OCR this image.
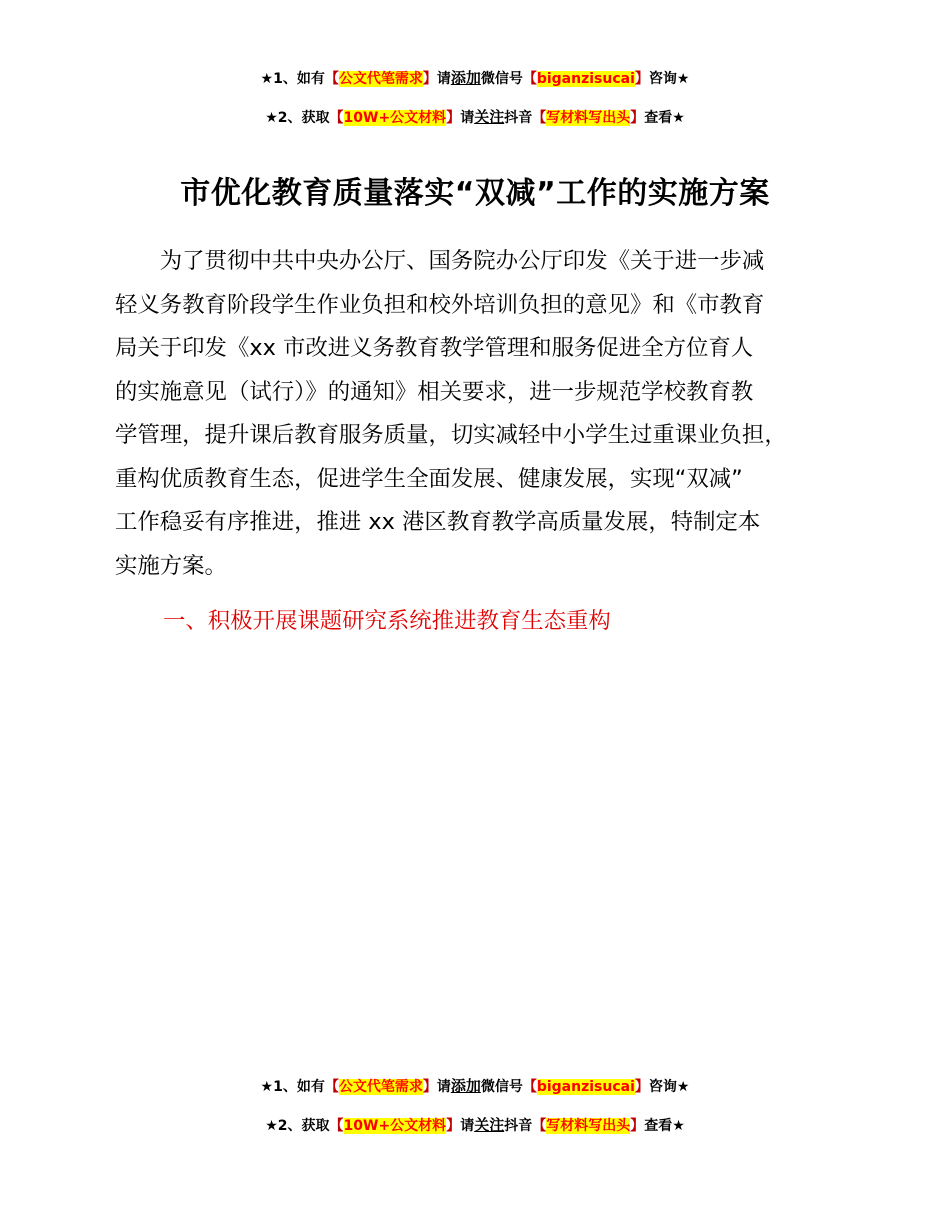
★1、如有【公文代笔需求】请添加微信号【biganzisucai】咨询★
★2、获取【10W+公文材料】请关注抖音【写材料写出头】查看★
市优化教育质量落实“双减”工作的实施方案
　　为了贯彻中共中央办公厅、国务院办公厅印发《关于进一步减
轻义务教育阶段学生作业负担和校外培训负担的意见》和《市教育
局关于印发《xx 市改进义务教育教学管理和服务促进全方位育人
的实施意见（试行）》的通知》相关要求，进一步规范学校教育教
学管理，提升课后教育服务质量，切实减轻中小学生过重课业负担，
重构优质教育生态，促进学生全面发展、健康发展，实现“双减”
工作稳妥有序推进，推进 xx 港区教育教学高质量发展，特制定本
实施方案。
一、积极开展课题研究系统推进教育生态重构
★1、如有【公文代笔需求】请添加微信号【biganzisucai】咨询★
★2、获取【10W+公文材料】请关注抖音【写材料写出头】查看★
